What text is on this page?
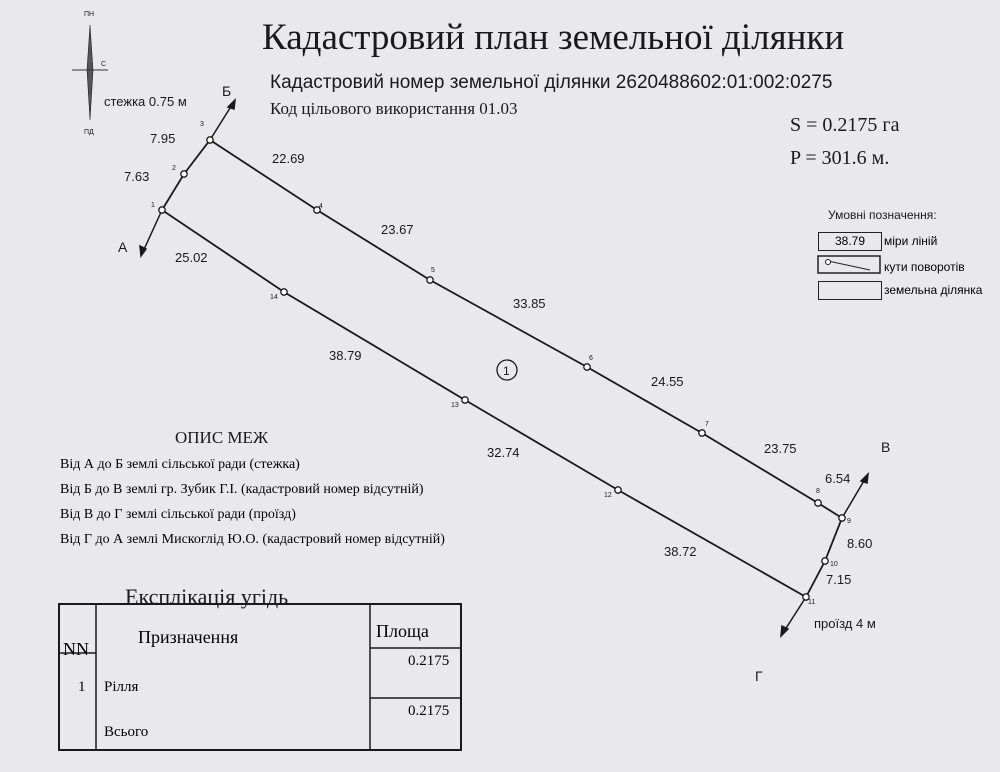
Кадастровий план земельної ділянки
Кадастровий номер земельної ділянки 2620488602:01:002:0275
Код цільового використання 01.03
S = 0.2175 га
P = 301.6 м.
ПН
ПД
С
1
2
3
4
5
6
7
8
9
10
11
12
13
14
7.63
7.95
22.69
23.67
33.85
24.55
23.75
6.54
8.60
7.15
38.72
32.74
38.79
25.02
Б
А
В
Г
стежка 0.75 м
проїзд 4 м
1
Умовні позначення:
38.79	міри ліній
кути поворотів
земельна ділянка
ОПИС МЕЖ
Від А до Б землі сільської ради (стежка)
Від Б до В землі гр. Зубик Г.І. (кадастровий номер відсутній)
Від В до Г землі сільської ради (проїзд)
Від Г до А землі Мискоглід Ю.О. (кадастровий номер відсутній)
Експлікація угідь
NN
Призначення	Площа
1 Рілля
0.2175
Всього
0.2175
